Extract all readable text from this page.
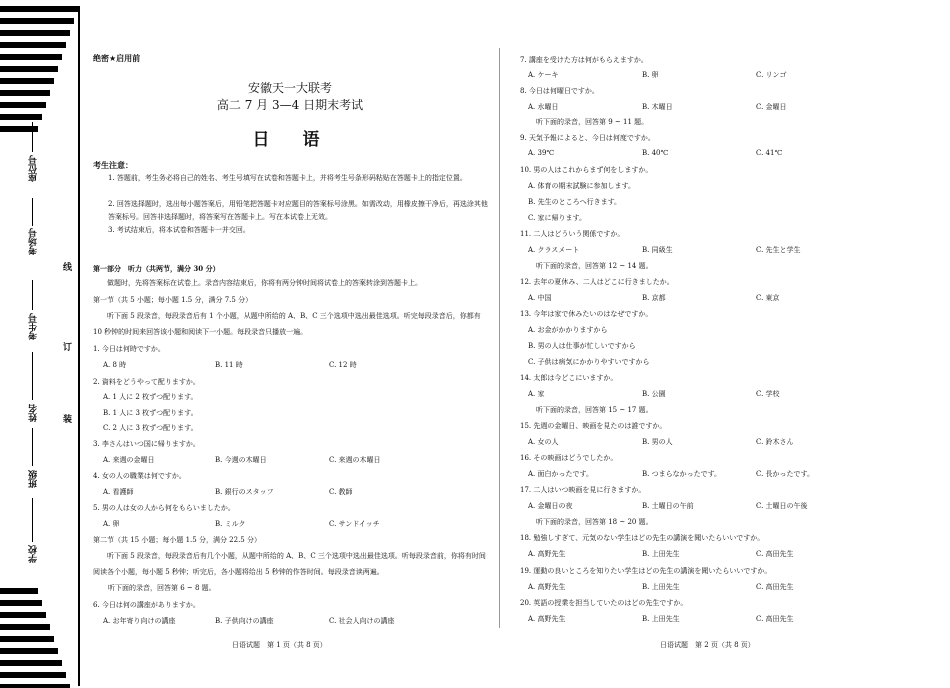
座位号
考场号
考生号
姓名
班级
学校
线
订
装
绝密★启用前
安徽天一大联考
高二 7 月 3—4 日期末考试
日　语
考生注意：
1. 答题前，考生务必将自己的姓名、考生号填写在试卷和答题卡上，并将考生号条形码粘贴在答题卡上的指定位置。
2. 回答选择题时，选出每小题答案后，用铅笔把答题卡对应题目的答案标号涂黑。如需改动，用橡皮擦干净后，再选涂其他答案标号。回答非选择题时，将答案写在答题卡上。写在本试卷上无效。
3. 考试结束后，将本试卷和答题卡一并交回。
第一部分　听力（共两节，满分 30 分）
做题时，先将答案标在试卷上。录音内容结束后，你将有两分钟时间将试卷上的答案转涂到答题卡上。
第一节（共 5 小题；每小题 1.5 分，满分 7.5 分）
听下面 5 段录音，每段录音后有 1 个小题，从题中所给的 A、B、C 三个选项中选出最佳选项。听完每段录音后，你都有 10 秒钟的时间来回答该小题和阅读下一小题。每段录音只播放一遍。
1. 今日は何時ですか。
A. 8 時	B. 11 時	C. 12 時
2. 資料をどうやって配りますか。
A. 1 人に 2 枚ずつ配ります。
B. 1 人に 3 枚ずつ配ります。
C. 2 人に 3 枚ずつ配ります。
3. 李さんはいつ国に帰りますか。
A. 来週の金曜日	B. 今週の木曜日	C. 来週の木曜日
4. 女の人の職業は何ですか。
A. 看護師	B. 銀行のスタッフ	C. 教師
5. 男の人は女の人から何をもらいましたか。
A. 卵	B. ミルク	C. サンドイッチ
第二节（共 15 小题；每小题 1.5 分，满分 22.5 分）
听下面 5 段录音，每段录音后有几个小题，从题中所给的 A、B、C 三个选项中选出最佳选项。听每段录音前，你将有时间阅读各个小题，每小题 5 秒钟；听完后，各小题将给出 5 秒钟的作答时间。每段录音读两遍。
听下面的录音，回答第 6 ~ 8 题。
6. 今日は何の講座がありますか。
A. お年寄り向けの講座	B. 子供向けの講座	C. 社会人向けの講座
日语试题　第 1 页（共 8 页）
7. 講座を受けた方は何がもらえますか。
A. ケーキ	B. 卵	C. リンゴ
8. 今日は何曜日ですか。
A. 水曜日	B. 木曜日	C. 金曜日
听下面的录音，回答第 9 ~ 11 题。
9. 天気予報によると、今日は何度ですか。
A. 39℃	B. 40℃	C. 41℃
10. 男の人はこれからまず何をしますか。
A. 体育の期末試験に参加します。
B. 先生のところへ行きます。
C. 家に帰ります。
11. 二人はどういう関係ですか。
A. クラスメート	B. 同級生	C. 先生と学生
听下面的录音，回答第 12 ~ 14 题。
12. 去年の夏休み、二人はどこに行きましたか。
A. 中国	B. 京都	C. 東京
13. 今年は家で休みたいのはなぜですか。
A. お金がかかりますから
B. 男の人は仕事が忙しいですから
C. 子供は病気にかかりやすいですから
14. 太郎は今どこにいますか。
A. 家	B. 公園	C. 学校
听下面的录音，回答第 15 ~ 17 题。
15. 先週の金曜日、映画を見たのは誰ですか。
A. 女の人	B. 男の人	C. 鈴木さん
16. その映画はどうでしたか。
A. 面白かったです。	B. つまらなかったです。	C. 長かったです。
17. 二人はいつ映画を見に行きますか。
A. 金曜日の夜	B. 土曜日の午前	C. 土曜日の午後
听下面的录音，回答第 18 ~ 20 题。
18. 勉強しすぎて、元気のない学生はどの先生の講演を聞いたらいいですか。
A. 高野先生	B. 上田先生	C. 高田先生
19. 運動の良いところを知りたい学生はどの先生の講演を聞いたらいいですか。
A. 高野先生	B. 上田先生	C. 高田先生
20. 英語の授業を担当していたのはどの先生ですか。
A. 高野先生	B. 上田先生	C. 高田先生
日语试题　第 2 页（共 8 页）
